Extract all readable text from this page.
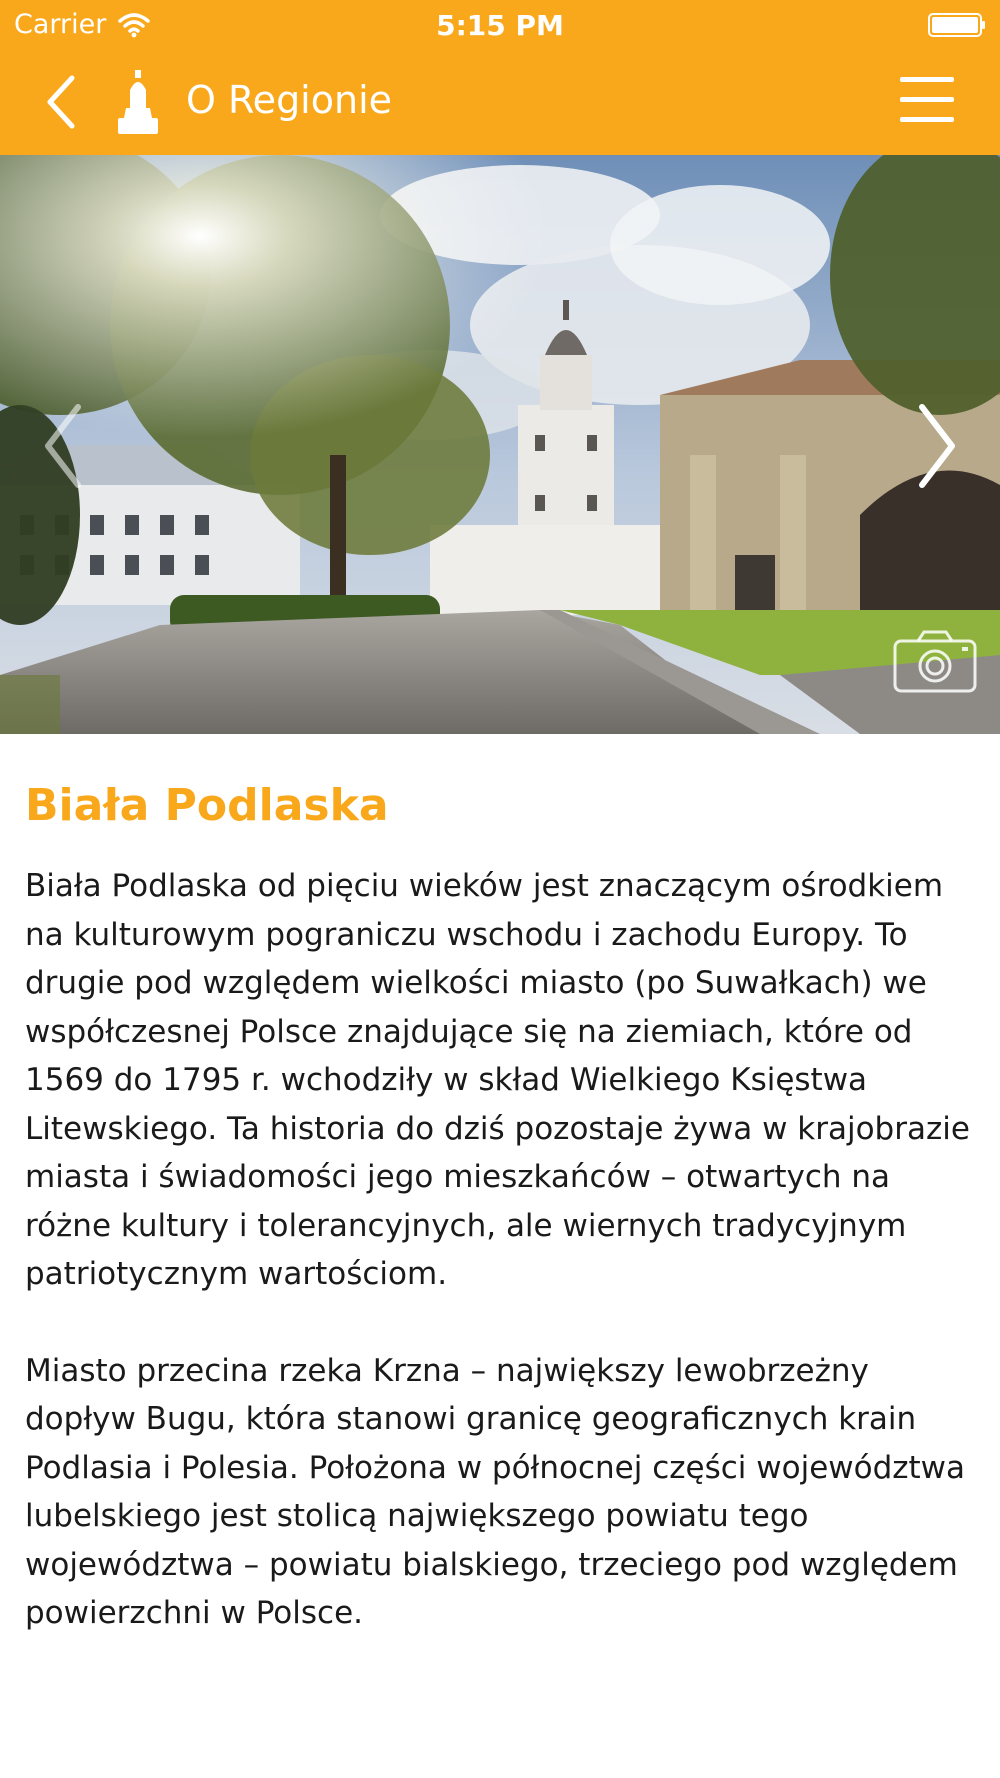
Carrier	5:15 PM
O Regionie
Biała Podlaska

Biała Podlaska od pięciu wieków jest znaczącym ośrodkiem na kulturowym pograniczu wschodu i zachodu Europy. To drugie pod względem wielkości miasto (po Suwałkach) we współczesnej Polsce znajdujące się na ziemiach, które od 1569 do 1795 r. wchodziły w skład Wielkiego Księstwa Litewskiego. Ta historia do dziś pozostaje żywa w krajobrazie miasta i świadomości jego mieszkańców – otwartych na różne kultury i tolerancyjnych, ale wiernych tradycyjnym patriotycznym wartościom.

Miasto przecina rzeka Krzna – największy lewobrzeżny dopływ Bugu, która stanowi granicę geograficznych krain Podlasia i Polesia. Położona w północnej części województwa lubelskiego jest stolicą największego powiatu tego województwa – powiatu bialskiego, trzeciego pod względem powierzchni w Polsce.
